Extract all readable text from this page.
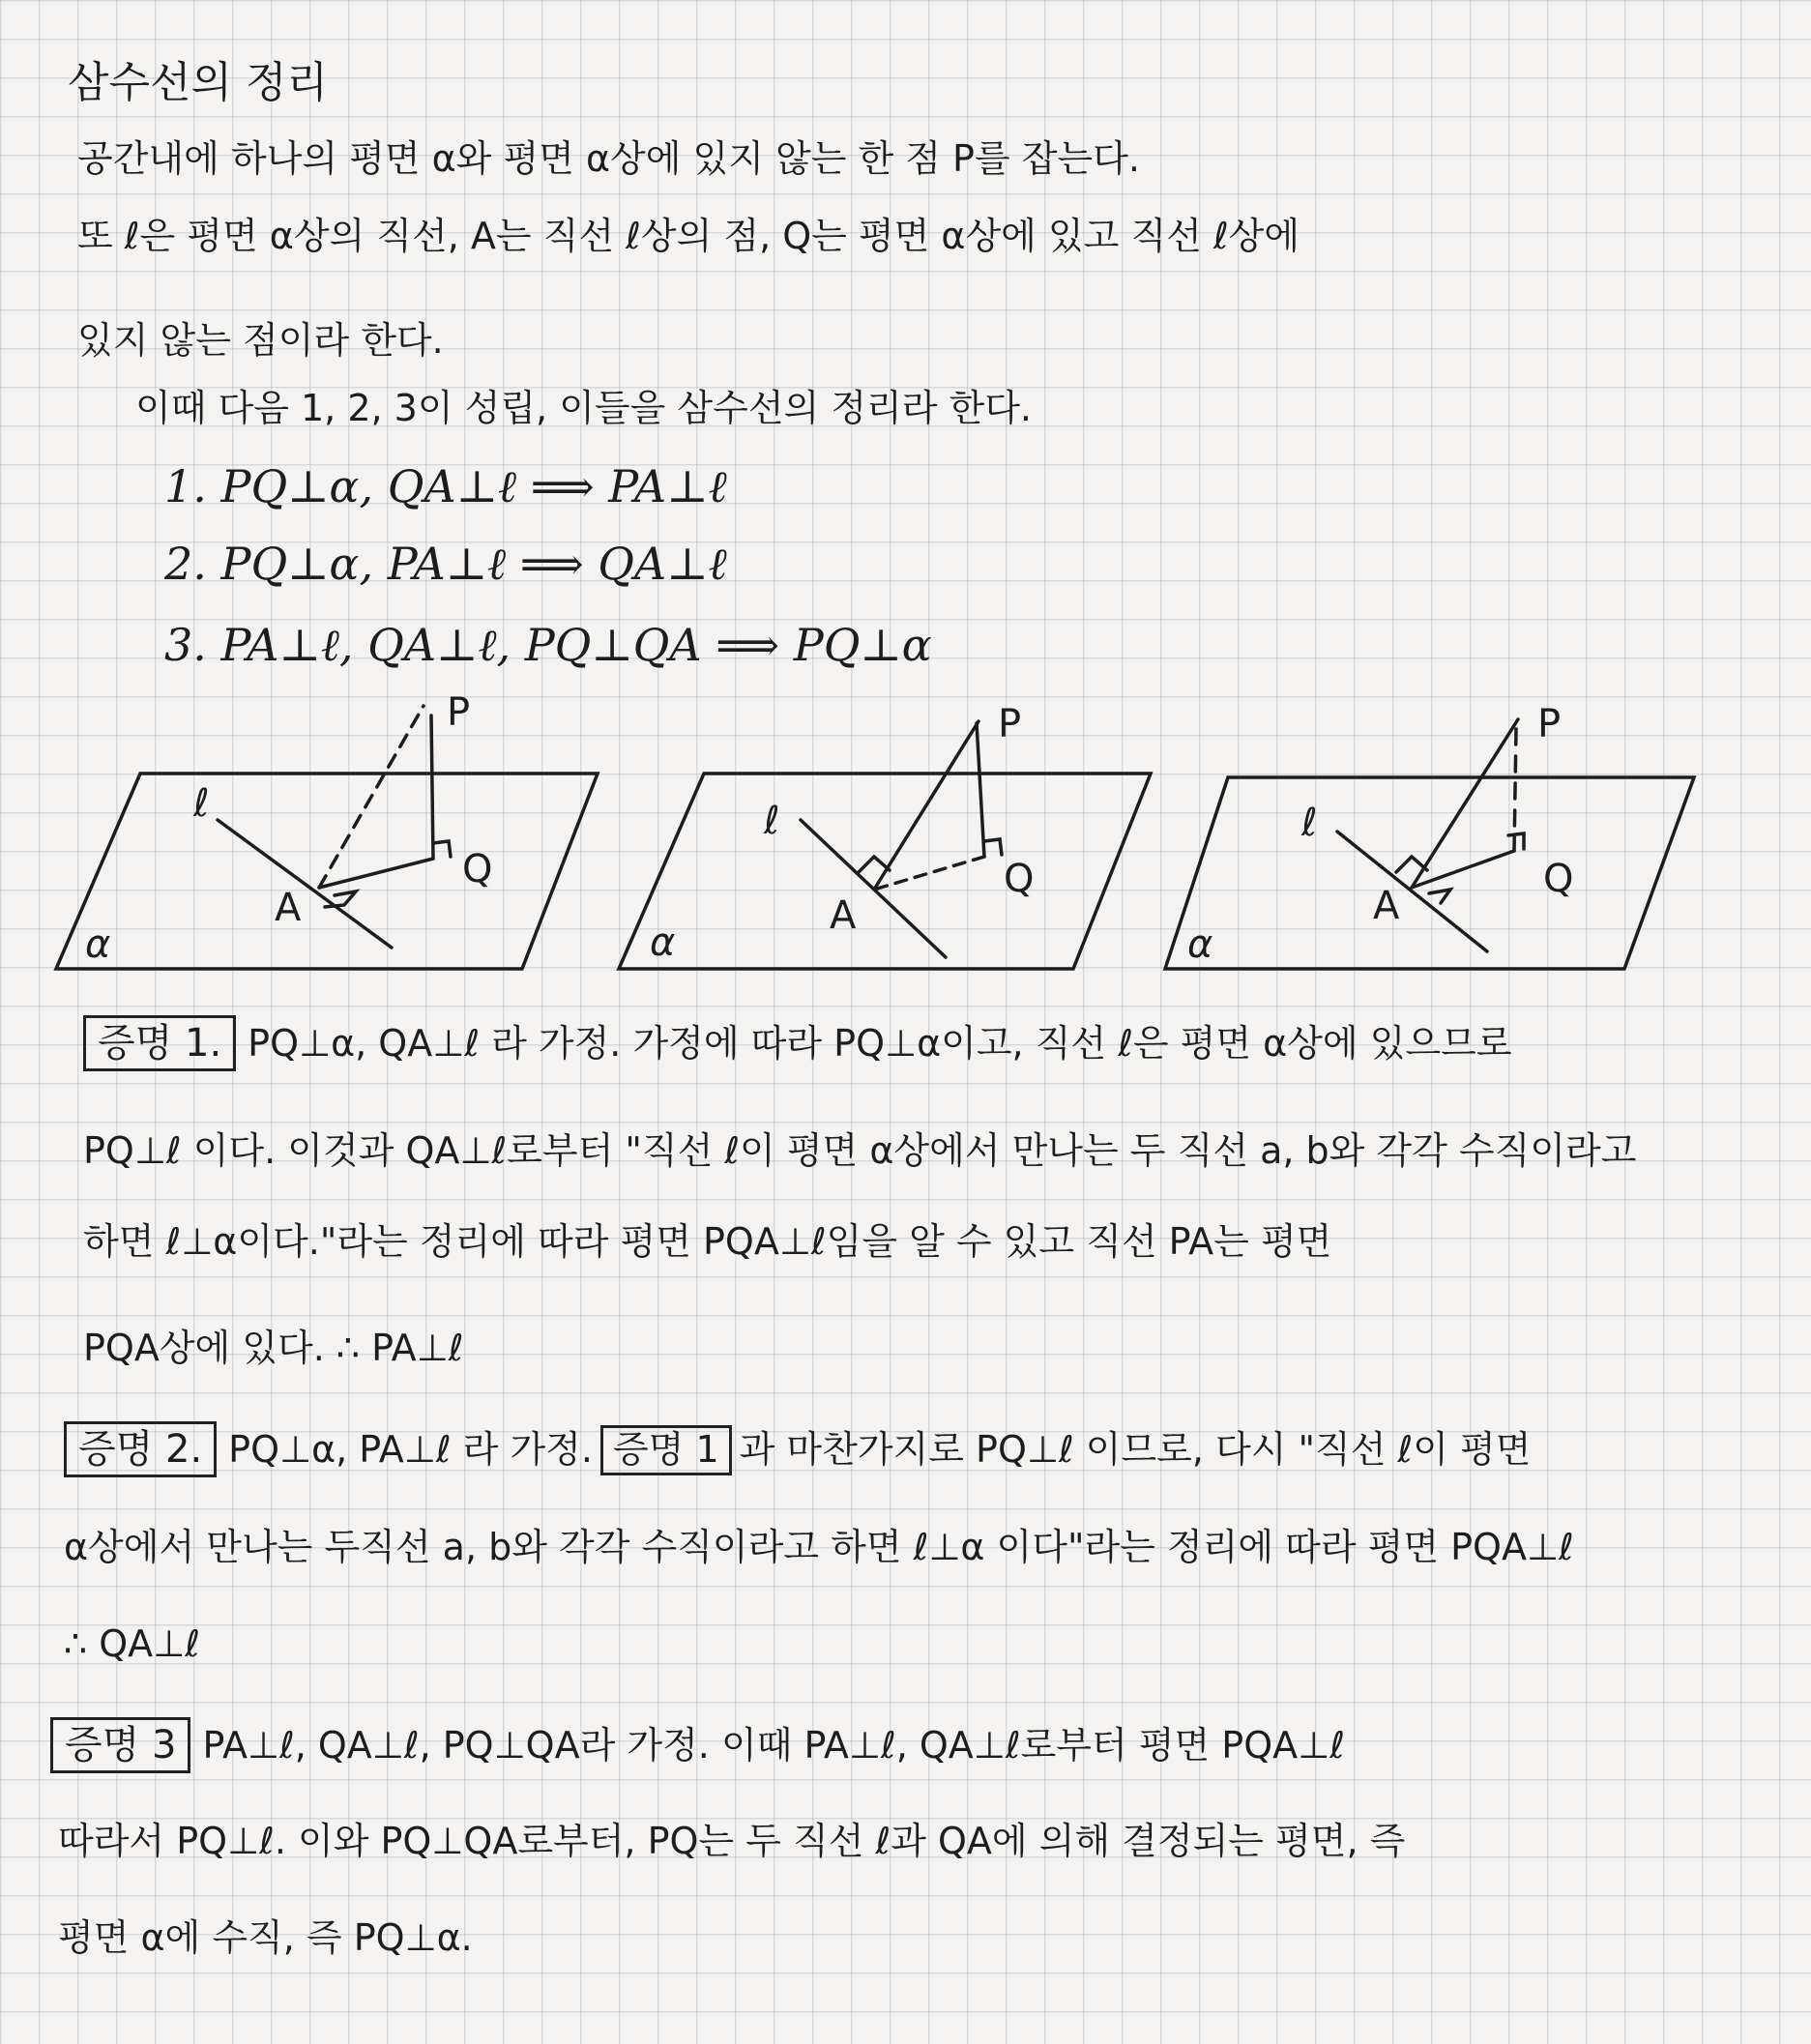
삼수선의 정리
공간내에 하나의 평면 α와 평면 α상에 있지 않는 한 점 P를 잡는다.
또 ℓ은 평면 α상의 직선, A는 직선 ℓ상의 점, Q는 평면 α상에 있고 직선 ℓ상에
있지 않는 점이라 한다.
이때 다음 1, 2, 3이 성립, 이들을 삼수선의 정리라 한다.
1. PQ⊥α, QA⊥ℓ ⟹ PA⊥ℓ
2. PQ⊥α, PA⊥ℓ ⟹ QA⊥ℓ
3. PA⊥ℓ, QA⊥ℓ, PQ⊥QA ⟹ PQ⊥α
P
Q
A
ℓ
α
P
Q
A
ℓ
α
P
Q
A
ℓ
α
증명 1. PQ⊥α, QA⊥ℓ 라 가정. 가정에 따라 PQ⊥α이고, 직선 ℓ은 평면 α상에 있으므로
PQ⊥ℓ 이다. 이것과 QA⊥ℓ로부터 "직선 ℓ이 평면 α상에서 만나는 두 직선 a, b와 각각 수직이라고
하면 ℓ⊥α이다."라는 정리에 따라 평면 PQA⊥ℓ임을 알 수 있고 직선 PA는 평면
PQA상에 있다. ∴ PA⊥ℓ
증명 2. PQ⊥α, PA⊥ℓ 라 가정. 증명 1 과 마찬가지로 PQ⊥ℓ 이므로, 다시 "직선 ℓ이 평면
α상에서 만나는 두직선 a, b와 각각 수직이라고 하면 ℓ⊥α 이다"라는 정리에 따라 평면 PQA⊥ℓ
∴ QA⊥ℓ
증명 3 PA⊥ℓ, QA⊥ℓ, PQ⊥QA라 가정. 이때 PA⊥ℓ, QA⊥ℓ로부터 평면 PQA⊥ℓ
따라서 PQ⊥ℓ. 이와 PQ⊥QA로부터, PQ는 두 직선 ℓ과 QA에 의해 결정되는 평면, 즉
평면 α에 수직, 즉 PQ⊥α.
